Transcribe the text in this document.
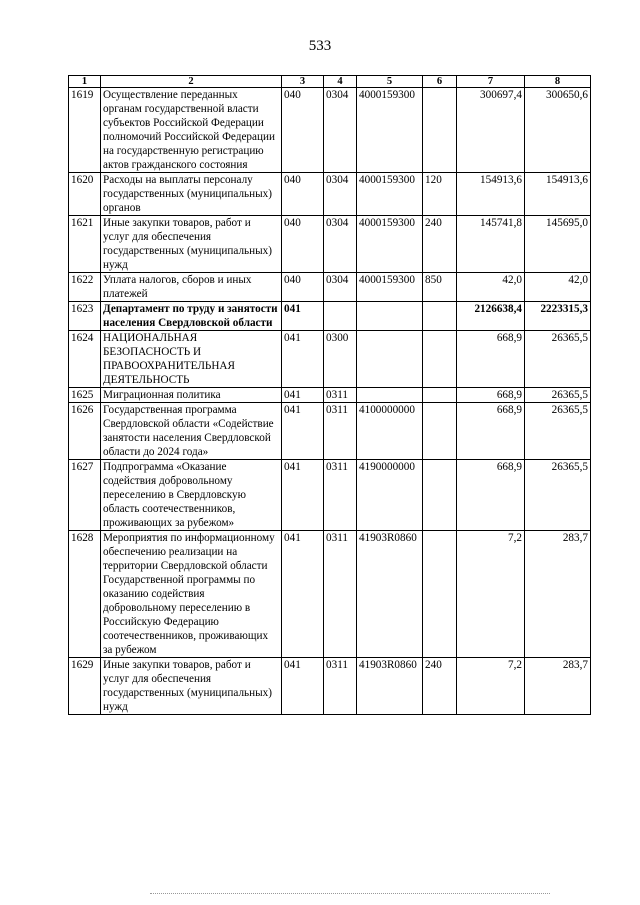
533
1	2	3	4	5	6	7	8
1619	Осуществление переданных органам государственной власти субъектов Российской Федерации полномочий Российской Федерации на государственную регистрацию актов гражданского состояния	040	0304	4000159300		300697,4	300650,6
1620	Расходы на выплаты персоналу государственных (муниципальных) органов	040	0304	4000159300	120	154913,6	154913,6
1621	Иные закупки товаров, работ и услуг для обеспечения государственных (муниципальных) нужд	040	0304	4000159300	240	145741,8	145695,0
1622	Уплата налогов, сборов и иных платежей	040	0304	4000159300	850	42,0	42,0
1623	Департамент по труду и занятости населения Свердловской области	041				2126638,4	2223315,3
1624	НАЦИОНАЛЬНАЯ БЕЗОПАСНОСТЬ И ПРАВООХРАНИТЕЛЬНАЯ ДЕЯТЕЛЬНОСТЬ	041	0300			668,9	26365,5
1625	Миграционная политика	041	0311			668,9	26365,5
1626	Государственная программа Свердловской области «Содействие занятости населения Свердловской области до 2024 года»	041	0311	4100000000		668,9	26365,5
1627	Подпрограмма «Оказание содействия добровольному переселению в Свердловскую область соотечественников, проживающих за рубежом»	041	0311	4190000000		668,9	26365,5
1628	Мероприятия по информационному обеспечению реализации на территории Свердловской области Государственной программы по оказанию содействия добровольному переселению в Российскую Федерацию соотечественников, проживающих за рубежом	041	0311	41903R0860		7,2	283,7
1629	Иные закупки товаров, работ и услуг для обеспечения государственных (муниципальных) нужд	041	0311	41903R0860	240	7,2	283,7
